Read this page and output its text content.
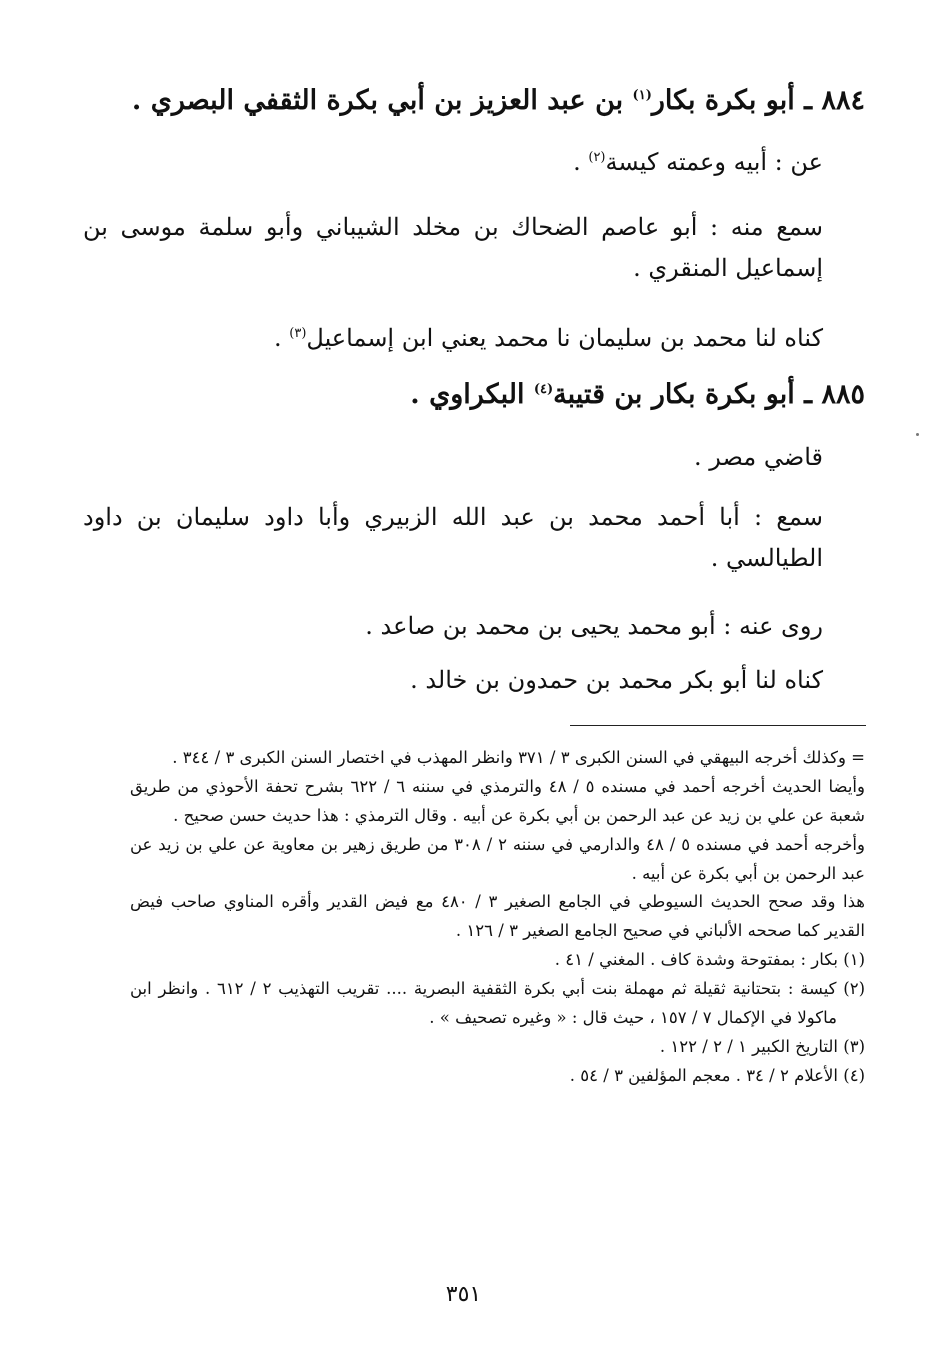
٨٨٤ ـ أبو بكرة بكار$^{(١)}$ بن عبد العزيز بن أبي بكرة الثقفي البصري .
عن : أبيه وعمته كيسة$^{(٢)}$ .
سمع منه : أبو عاصم الضحاك بن مخلد الشيباني وأبو سلمة موسى بن إسماعيل المنقري .
كناه لنا محمد بن سليمان نا محمد يعني ابن إسماعيل$^{(٣)}$ .
٨٨٥ ـ أبو بكرة بكار بن قتيبة$^{(٤)}$ البكراوي .
قاضي مصر .
سمع : أبا أحمد محمد بن عبد الله الزبيري وأبا داود سليمان بن داود الطيالسي .
روى عنه : أبو محمد يحيى بن محمد بن صاعد .
كناه لنا أبو بكر محمد بن حمدون بن خالد .

= وكذلك أخرجه البيهقي في السنن الكبرى ٣ / ٣٧١ وانظر المهذب في اختصار السنن الكبرى ٣ / ٣٤٤ .

وأيضا الحديث أخرجه أحمد في مسنده ٥ / ٤٨ والترمذي في سننه ٦ / ٦٢٢ بشرح تحفة الأحوذي من طريق شعبة عن علي بن زيد عن عبد الرحمن بن أبي بكرة عن أبيه . وقال الترمذي : هذا حديث حسن صحيح .

وأخرجه أحمد في مسنده ٥ / ٤٨ والدارمي في سننه ٢ / ٣٠٨ من طريق زهير بن معاوية عن علي بن زيد عن عبد الرحمن بن أبي بكرة عن أبيه .

هذا وقد صحح الحديث السيوطي في الجامع الصغير ٣ / ٤٨٠ مع فيض القدير وأقره المناوي صاحب فيض القدير كما صححه الألباني في صحيح الجامع الصغير ٣ / ١٢٦ .

(١) بكار : بمفتوحة وشدة كاف . المغني / ٤١ .

(٢) كيسة : بتحتانية ثقيلة ثم مهملة بنت أبي بكرة الثقفية البصرية .... تقريب التهذيب ٢ / ٦١٢ . وانظر ابن ماكولا في الإكمال ٧ / ١٥٧ ، حيث قال : « وغيره تصحيف » .

(٣) التاريخ الكبير ١ / ٢ / ١٢٢ .

(٤) الأعلام ٢ / ٣٤ . معجم المؤلفين ٣ / ٥٤ .

٣٥١
